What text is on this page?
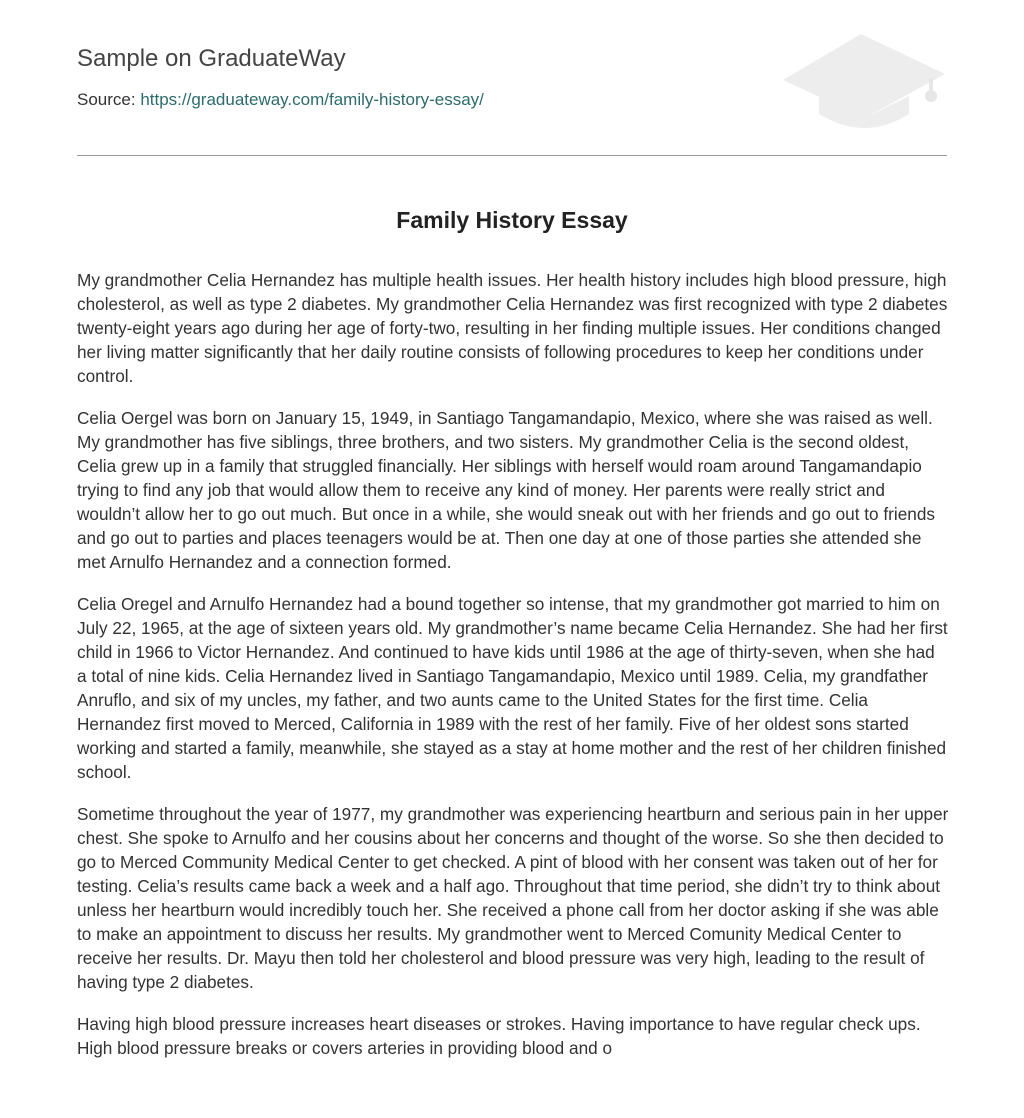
Sample on GraduateWay
Source: https://graduateway.com/family-history-essay/
Family History Essay

My grandmother Celia Hernandez has multiple health issues. Her health history includes high blood pressure, high cholesterol, as well as type 2 diabetes. My grandmother Celia Hernandez was first recognized with type 2 diabetes twenty-eight years ago during her age of forty-two, resulting in her finding multiple issues. Her conditions changed her living matter significantly that her daily routine consists of following procedures to keep her conditions under control.

Celia Oergel was born on January 15, 1949, in Santiago Tangamandapio, Mexico, where she was raised as well. My grandmother has five siblings, three brothers, and two sisters. My grandmother Celia is the second oldest, Celia grew up in a family that struggled financially. Her siblings with herself would roam around Tangamandapio trying to find any job that would allow them to receive any kind of money. Her parents were really strict and wouldn’t allow her to go out much. But once in a while, she would sneak out with her friends and go out to friends and go out to parties and places teenagers would be at. Then one day at one of those parties she attended she met Arnulfo Hernandez and a connection formed.

Celia Oregel and Arnulfo Hernandez had a bound together so intense, that my grandmother got married to him on July 22, 1965, at the age of sixteen years old. My grandmother’s name became Celia Hernandez. She had her first child in 1966 to Victor Hernandez. And continued to have kids until 1986 at the age of thirty-seven, when she had a total of nine kids. Celia Hernandez lived in Santiago Tangamandapio, Mexico until 1989. Celia, my grandfather Anruflo, and six of my uncles, my father, and two aunts came to the United States for the first time. Celia Hernandez first moved to Merced, California in 1989 with the rest of her family. Five of her oldest sons started working and started a family, meanwhile, she stayed as a stay at home mother and the rest of her children finished school.

Sometime throughout the year of 1977, my grandmother was experiencing heartburn and serious pain in her upper chest. She spoke to Arnulfo and her cousins about her concerns and thought of the worse. So she then decided to go to Merced Community Medical Center to get checked. A pint of blood with her consent was taken out of her for testing. Celia’s results came back a week and a half ago. Throughout that time period, she didn’t try to think about unless her heartburn would incredibly touch her. She received a phone call from her doctor asking if she was able to make an appointment to discuss her results. My grandmother went to Merced Comunity Medical Center to receive her results. Dr. Mayu then told her cholesterol and blood pressure was very high, leading to the result of having type 2 diabetes.

Having high blood pressure increases heart diseases or strokes. Having importance to have regular check ups. High blood pressure breaks or covers arteries in providing blood and o
